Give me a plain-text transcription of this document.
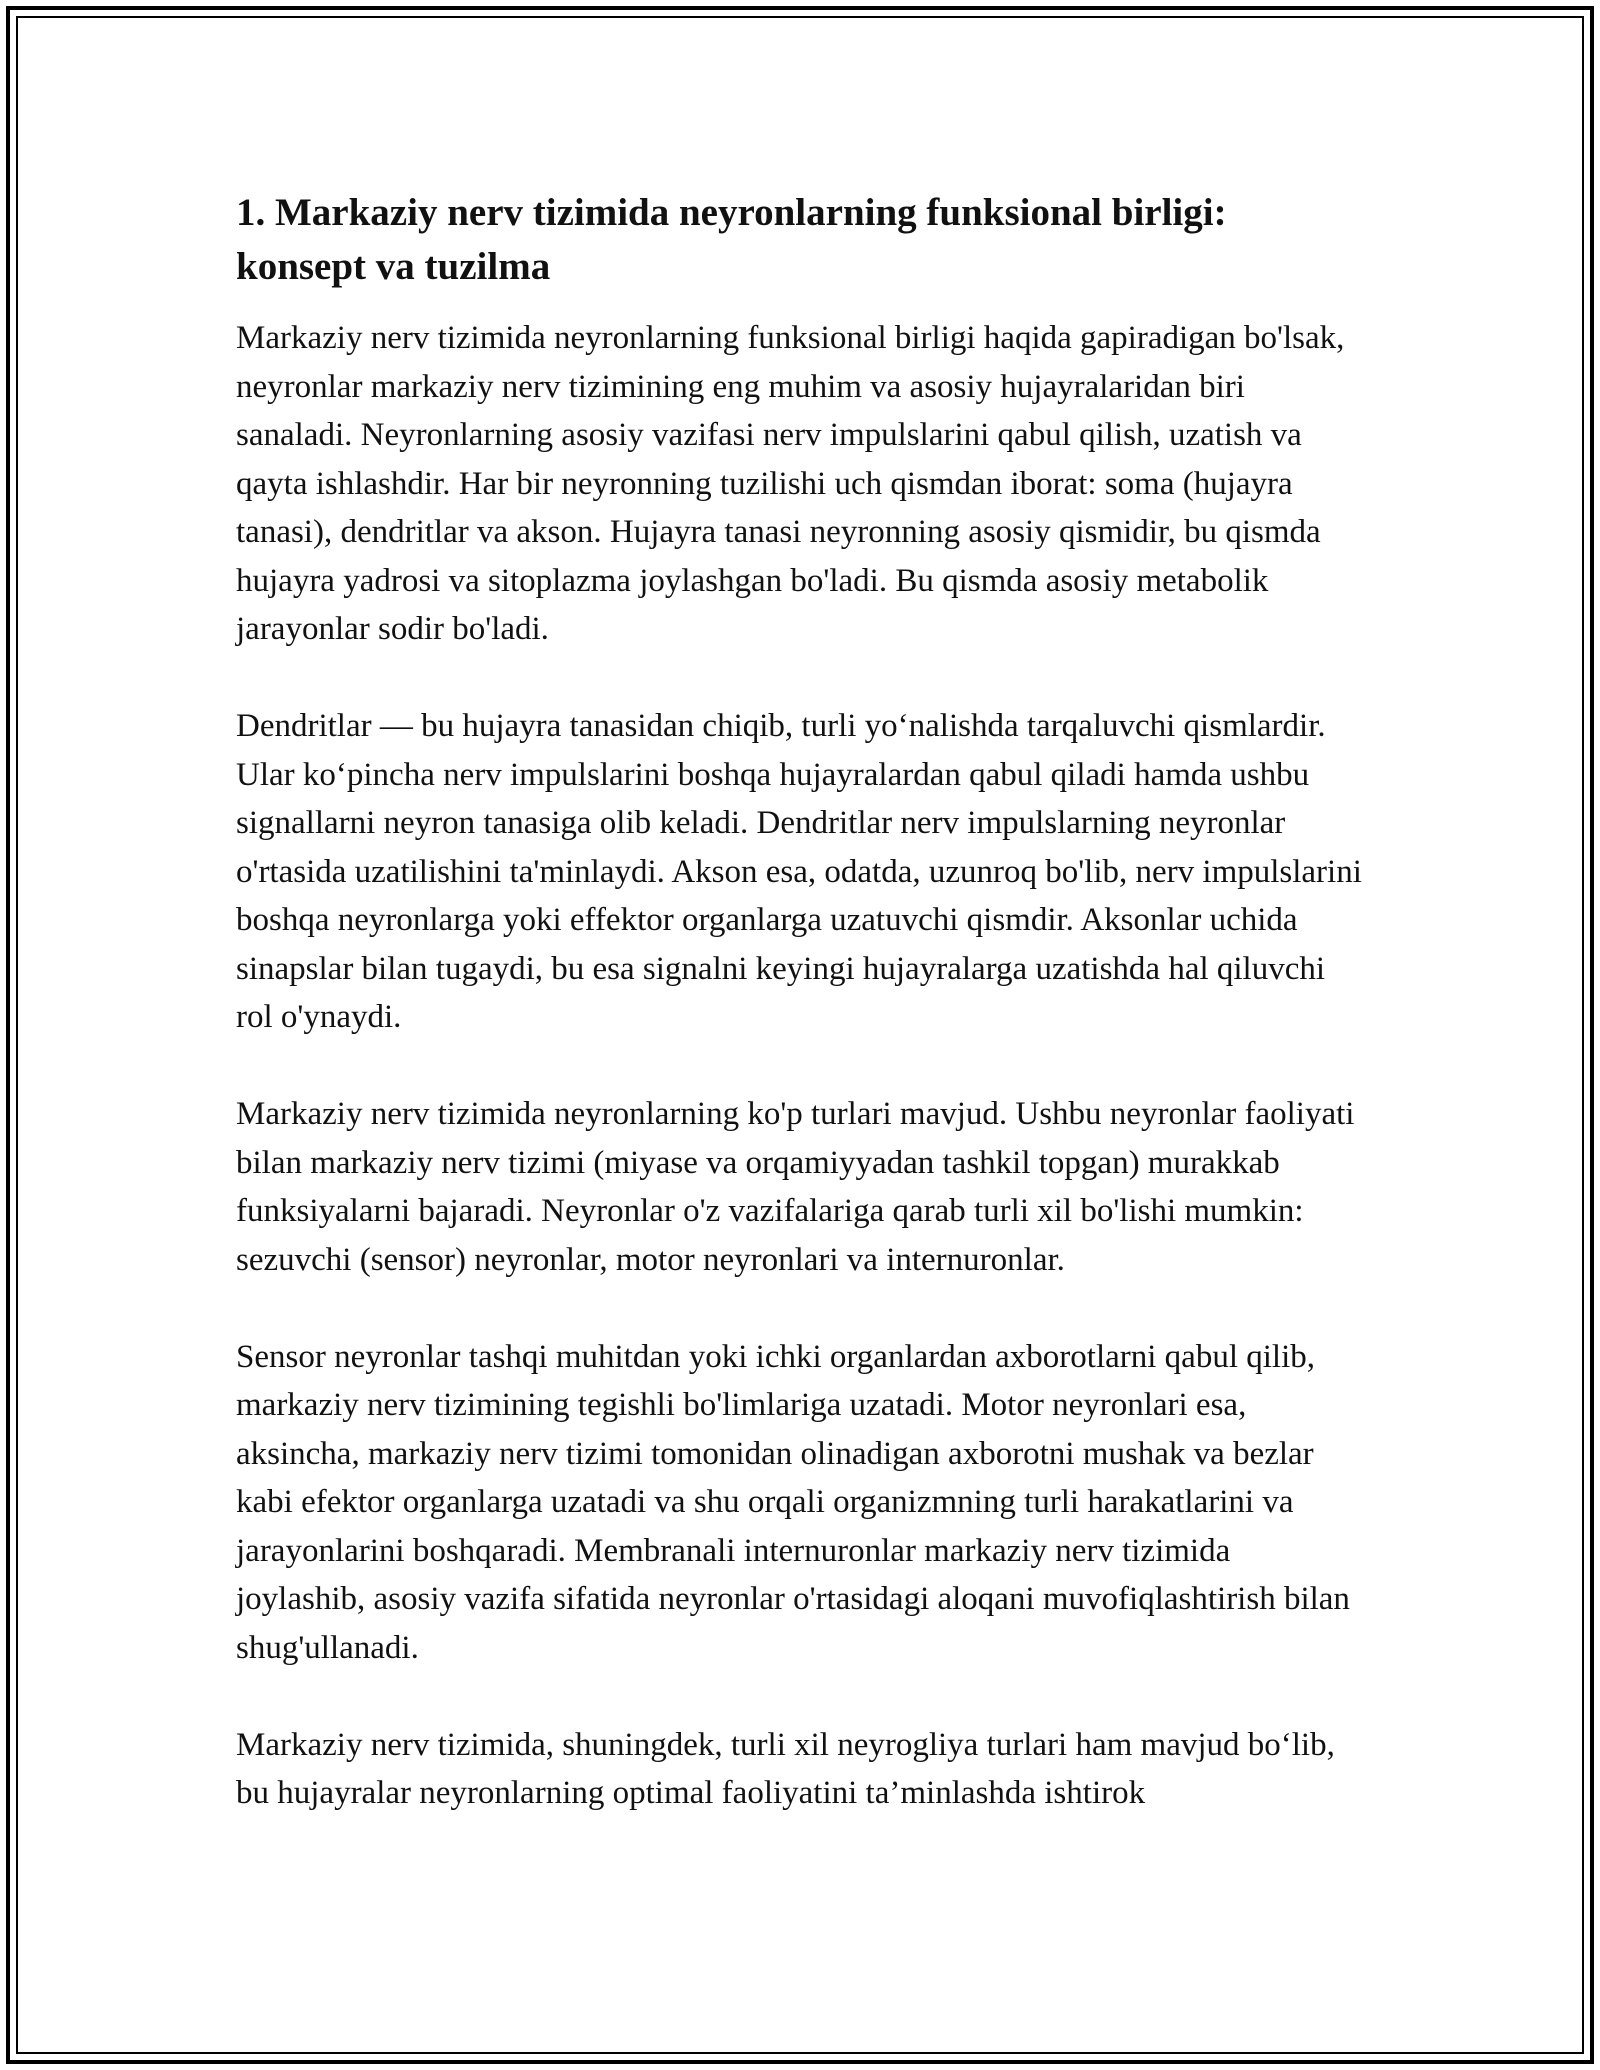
1. Markaziy nerv tizimida neyronlarning funksional birligi: konsept va tuzilma

Markaziy nerv tizimida neyronlarning funksional birligi haqida gapiradigan bo'lsak, neyronlar markaziy nerv tizimining eng muhim va asosiy hujayralaridan biri sanaladi. Neyronlarning asosiy vazifasi nerv impulslarini qabul qilish, uzatish va qayta ishlashdir. Har bir neyronning tuzilishi uch qismdan iborat: soma (hujayra tanasi), dendritlar va akson. Hujayra tanasi neyronning asosiy qismidir, bu qismda hujayra yadrosi va sitoplazma joylashgan bo'ladi. Bu qismda asosiy metabolik jarayonlar sodir bo'ladi.

Dendritlar — bu hujayra tanasidan chiqib, turli yoʻnalishda tarqaluvchi qismlardir. Ular koʻpincha nerv impulslarini boshqa hujayralardan qabul qiladi hamda ushbu signallarni neyron tanasiga olib keladi. Dendritlar nerv impulslarning neyronlar o'rtasida uzatilishini ta'minlaydi. Akson esa, odatda, uzunroq bo'lib, nerv impulslarini boshqa neyronlarga yoki effektor organlarga uzatuvchi qismdir. Aksonlar uchida sinapslar bilan tugaydi, bu esa signalni keyingi hujayralarga uzatishda hal qiluvchi rol o'ynaydi.

Markaziy nerv tizimida neyronlarning ko'p turlari mavjud. Ushbu neyronlar faoliyati bilan markaziy nerv tizimi (miyase va orqamiyyadan tashkil topgan) murakkab funksiyalarni bajaradi. Neyronlar o'z vazifalariga qarab turli xil bo'lishi mumkin: sezuvchi (sensor) neyronlar, motor neyronlari va internuronlar.

Sensor neyronlar tashqi muhitdan yoki ichki organlardan axborotlarni qabul qilib, markaziy nerv tizimining tegishli bo'limlariga uzatadi. Motor neyronlari esa, aksincha, markaziy nerv tizimi tomonidan olinadigan axborotni mushak va bezlar kabi efektor organlarga uzatadi va shu orqali organizmning turli harakatlarini va jarayonlarini boshqaradi. Membranali internuronlar markaziy nerv tizimida joylashib, asosiy vazifa sifatida neyronlar o'rtasidagi aloqani muvofiqlashtirish bilan shug'ullanadi.

Markaziy nerv tizimida, shuningdek, turli xil neyrogliya turlari ham mavjud boʻlib, bu hujayralar neyronlarning optimal faoliyatini ta’minlashda ishtirok
